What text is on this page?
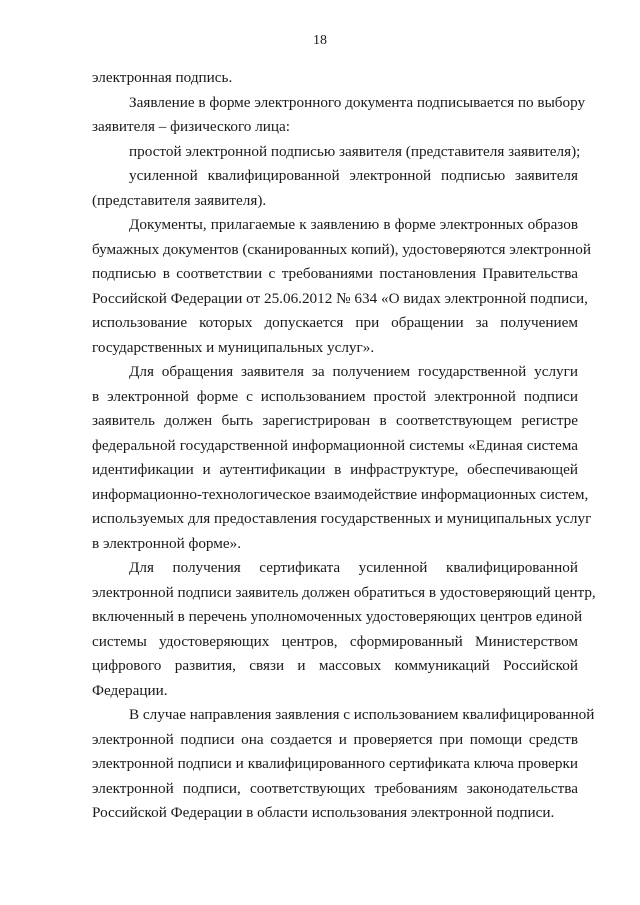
18
электронная подпись.
Заявление в форме электронного документа подписывается по выбору
заявителя – физического лица:
простой электронной подписью заявителя (представителя заявителя);
усиленной квалифицированной электронной подписью заявителя
(представителя заявителя).
Документы, прилагаемые к заявлению в форме электронных образов
бумажных документов (сканированных копий), удостоверяются электронной
подписью в соответствии с требованиями постановления Правительства
Российской Федерации от 25.06.2012 № 634 «О видах электронной подписи,
использование которых допускается при обращении за получением
государственных и муниципальных услуг».
Для обращения заявителя за получением государственной услуги
в электронной форме с использованием простой электронной подписи
заявитель должен быть зарегистрирован в соответствующем регистре
федеральной государственной информационной системы «Единая система
идентификации и аутентификации в инфраструктуре, обеспечивающей
информационно-технологическое взаимодействие информационных систем,
используемых для предоставления государственных и муниципальных услуг
в электронной форме».
Для получения сертификата усиленной квалифицированной
электронной подписи заявитель должен обратиться в удостоверяющий центр,
включенный в перечень уполномоченных удостоверяющих центров единой
системы удостоверяющих центров, сформированный Министерством
цифрового развития, связи и массовых коммуникаций Российской
Федерации.
В случае направления заявления с использованием квалифицированной
электронной подписи она создается и проверяется при помощи средств
электронной подписи и квалифицированного сертификата ключа проверки
электронной подписи, соответствующих требованиям законодательства
Российской Федерации в области использования электронной подписи.
